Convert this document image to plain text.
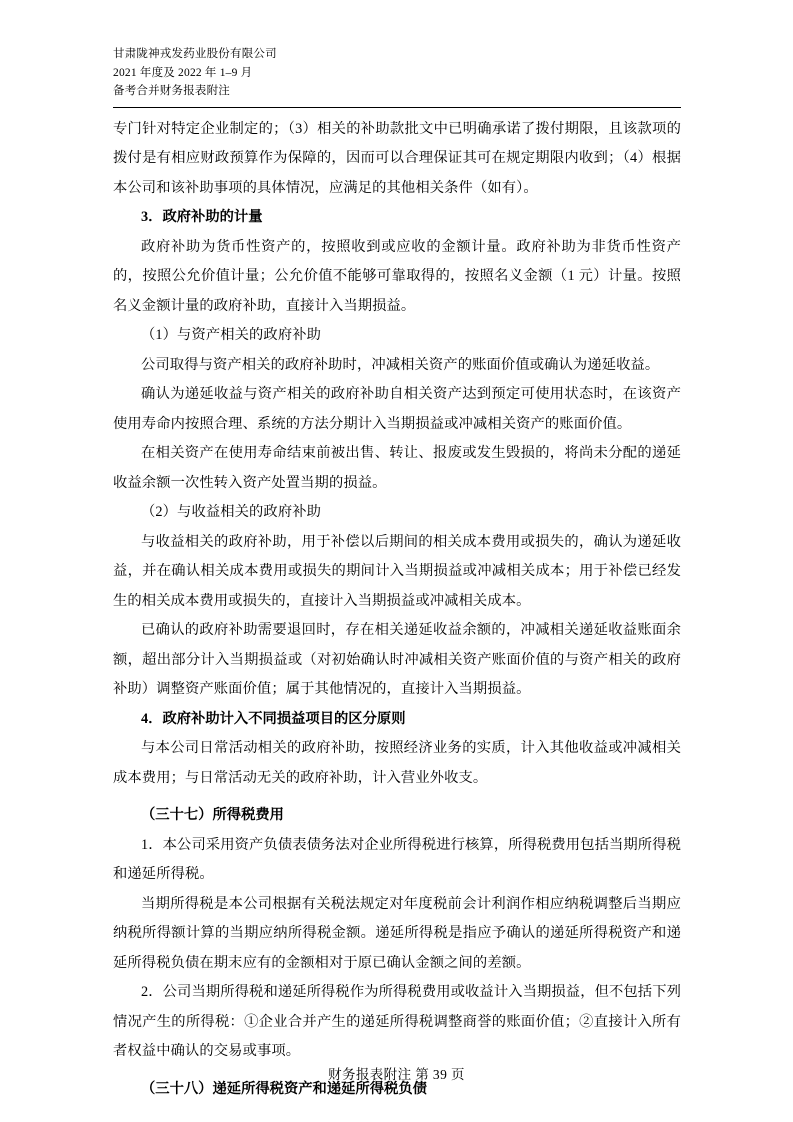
甘肃陇神戎发药业股份有限公司
2021 年度及 2022 年 1–9 月
备考合并财务报表附注

专门针对特定企业制定的；（3）相关的补助款批文中已明确承诺了拨付期限，且该款项的拨付是有相应财政预算作为保障的，因而可以合理保证其可在规定期限内收到；（4）根据本公司和该补助事项的具体情况，应满足的其他相关条件（如有）。

3．政府补助的计量

政府补助为货币性资产的，按照收到或应收的金额计量。政府补助为非货币性资产的，按照公允价值计量；公允价值不能够可靠取得的，按照名义金额（1 元）计量。按照名义金额计量的政府补助，直接计入当期损益。

（1）与资产相关的政府补助

公司取得与资产相关的政府补助时，冲减相关资产的账面价值或确认为递延收益。

确认为递延收益与资产相关的政府补助自相关资产达到预定可使用状态时，在该资产使用寿命内按照合理、系统的方法分期计入当期损益或冲减相关资产的账面价值。

在相关资产在使用寿命结束前被出售、转让、报废或发生毁损的，将尚未分配的递延收益余额一次性转入资产处置当期的损益。

（2）与收益相关的政府补助

与收益相关的政府补助，用于补偿以后期间的相关成本费用或损失的，确认为递延收益，并在确认相关成本费用或损失的期间计入当期损益或冲减相关成本；用于补偿已经发生的相关成本费用或损失的，直接计入当期损益或冲减相关成本。

已确认的政府补助需要退回时，存在相关递延收益余额的，冲减相关递延收益账面余额，超出部分计入当期损益或（对初始确认时冲减相关资产账面价值的与资产相关的政府补助）调整资产账面价值；属于其他情况的，直接计入当期损益。

4．政府补助计入不同损益项目的区分原则

与本公司日常活动相关的政府补助，按照经济业务的实质，计入其他收益或冲减相关成本费用；与日常活动无关的政府补助，计入营业外收支。

（三十七）所得税费用

1．本公司采用资产负债表债务法对企业所得税进行核算，所得税费用包括当期所得税和递延所得税。

当期所得税是本公司根据有关税法规定对年度税前会计利润作相应纳税调整后当期应纳税所得额计算的当期应纳所得税金额。递延所得税是指应予确认的递延所得税资产和递延所得税负债在期末应有的金额相对于原已确认金额之间的差额。

2．公司当期所得税和递延所得税作为所得税费用或收益计入当期损益，但不包括下列情况产生的所得税：①企业合并产生的递延所得税调整商誉的账面价值；②直接计入所有者权益中确认的交易或事项。

（三十八）递延所得税资产和递延所得税负债

财务报表附注 第 39 页
